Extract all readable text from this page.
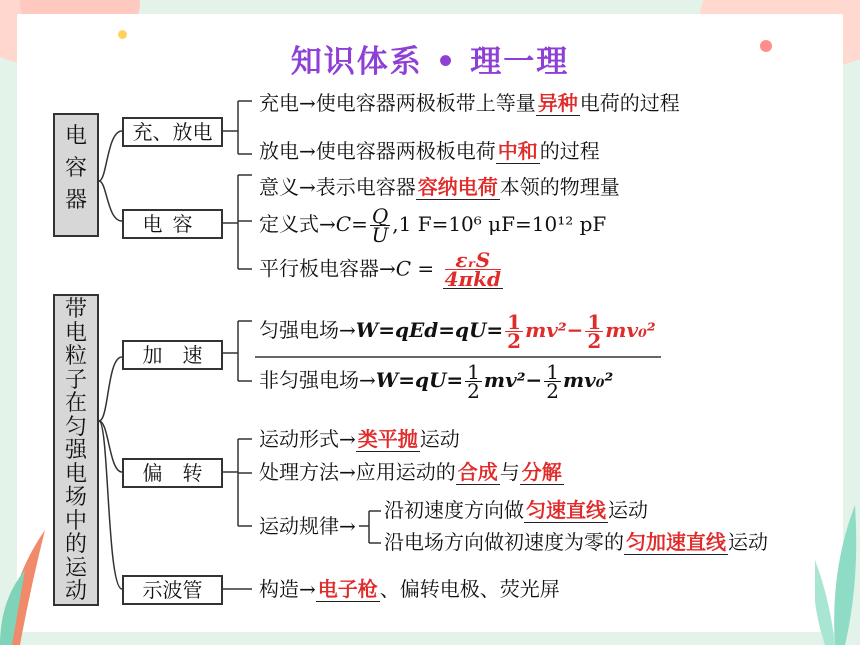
知识体系 • 理一理
电容器
带电粒子在匀强电场中的运动
充、放电
电容
加　速
偏　转
示波管
充电→使电容器两极板带上等量 异种 电荷的过程
放电→使电容器两极板电荷 中和 的过程
意义→表示电容器 容纳电荷 本领的物理量
定义式$\to C= \frac{Q}{U} ,1$ F=10⁶ μF=10¹² pF
平行板电容器$\to C = \frac{\text{εᵣS}}{\text{4πkd}}$
匀强电场$\to W=qEd=qU= \frac{1}{2} mv^2- \frac{1}{2} mv_0^2$
非匀强电场$\to W=qU= \frac{1}{2} mv^2- \frac{1}{2} mv_0^2$
运动形式→ 类平抛 运动
处理方法→应用运动的 合成 与 分解
运动规律→
沿初速度方向做 匀速直线 运动
沿电场方向做初速度为零的 匀加速直线 运动
构造→ 电子枪 、偏转电极、荧光屏
